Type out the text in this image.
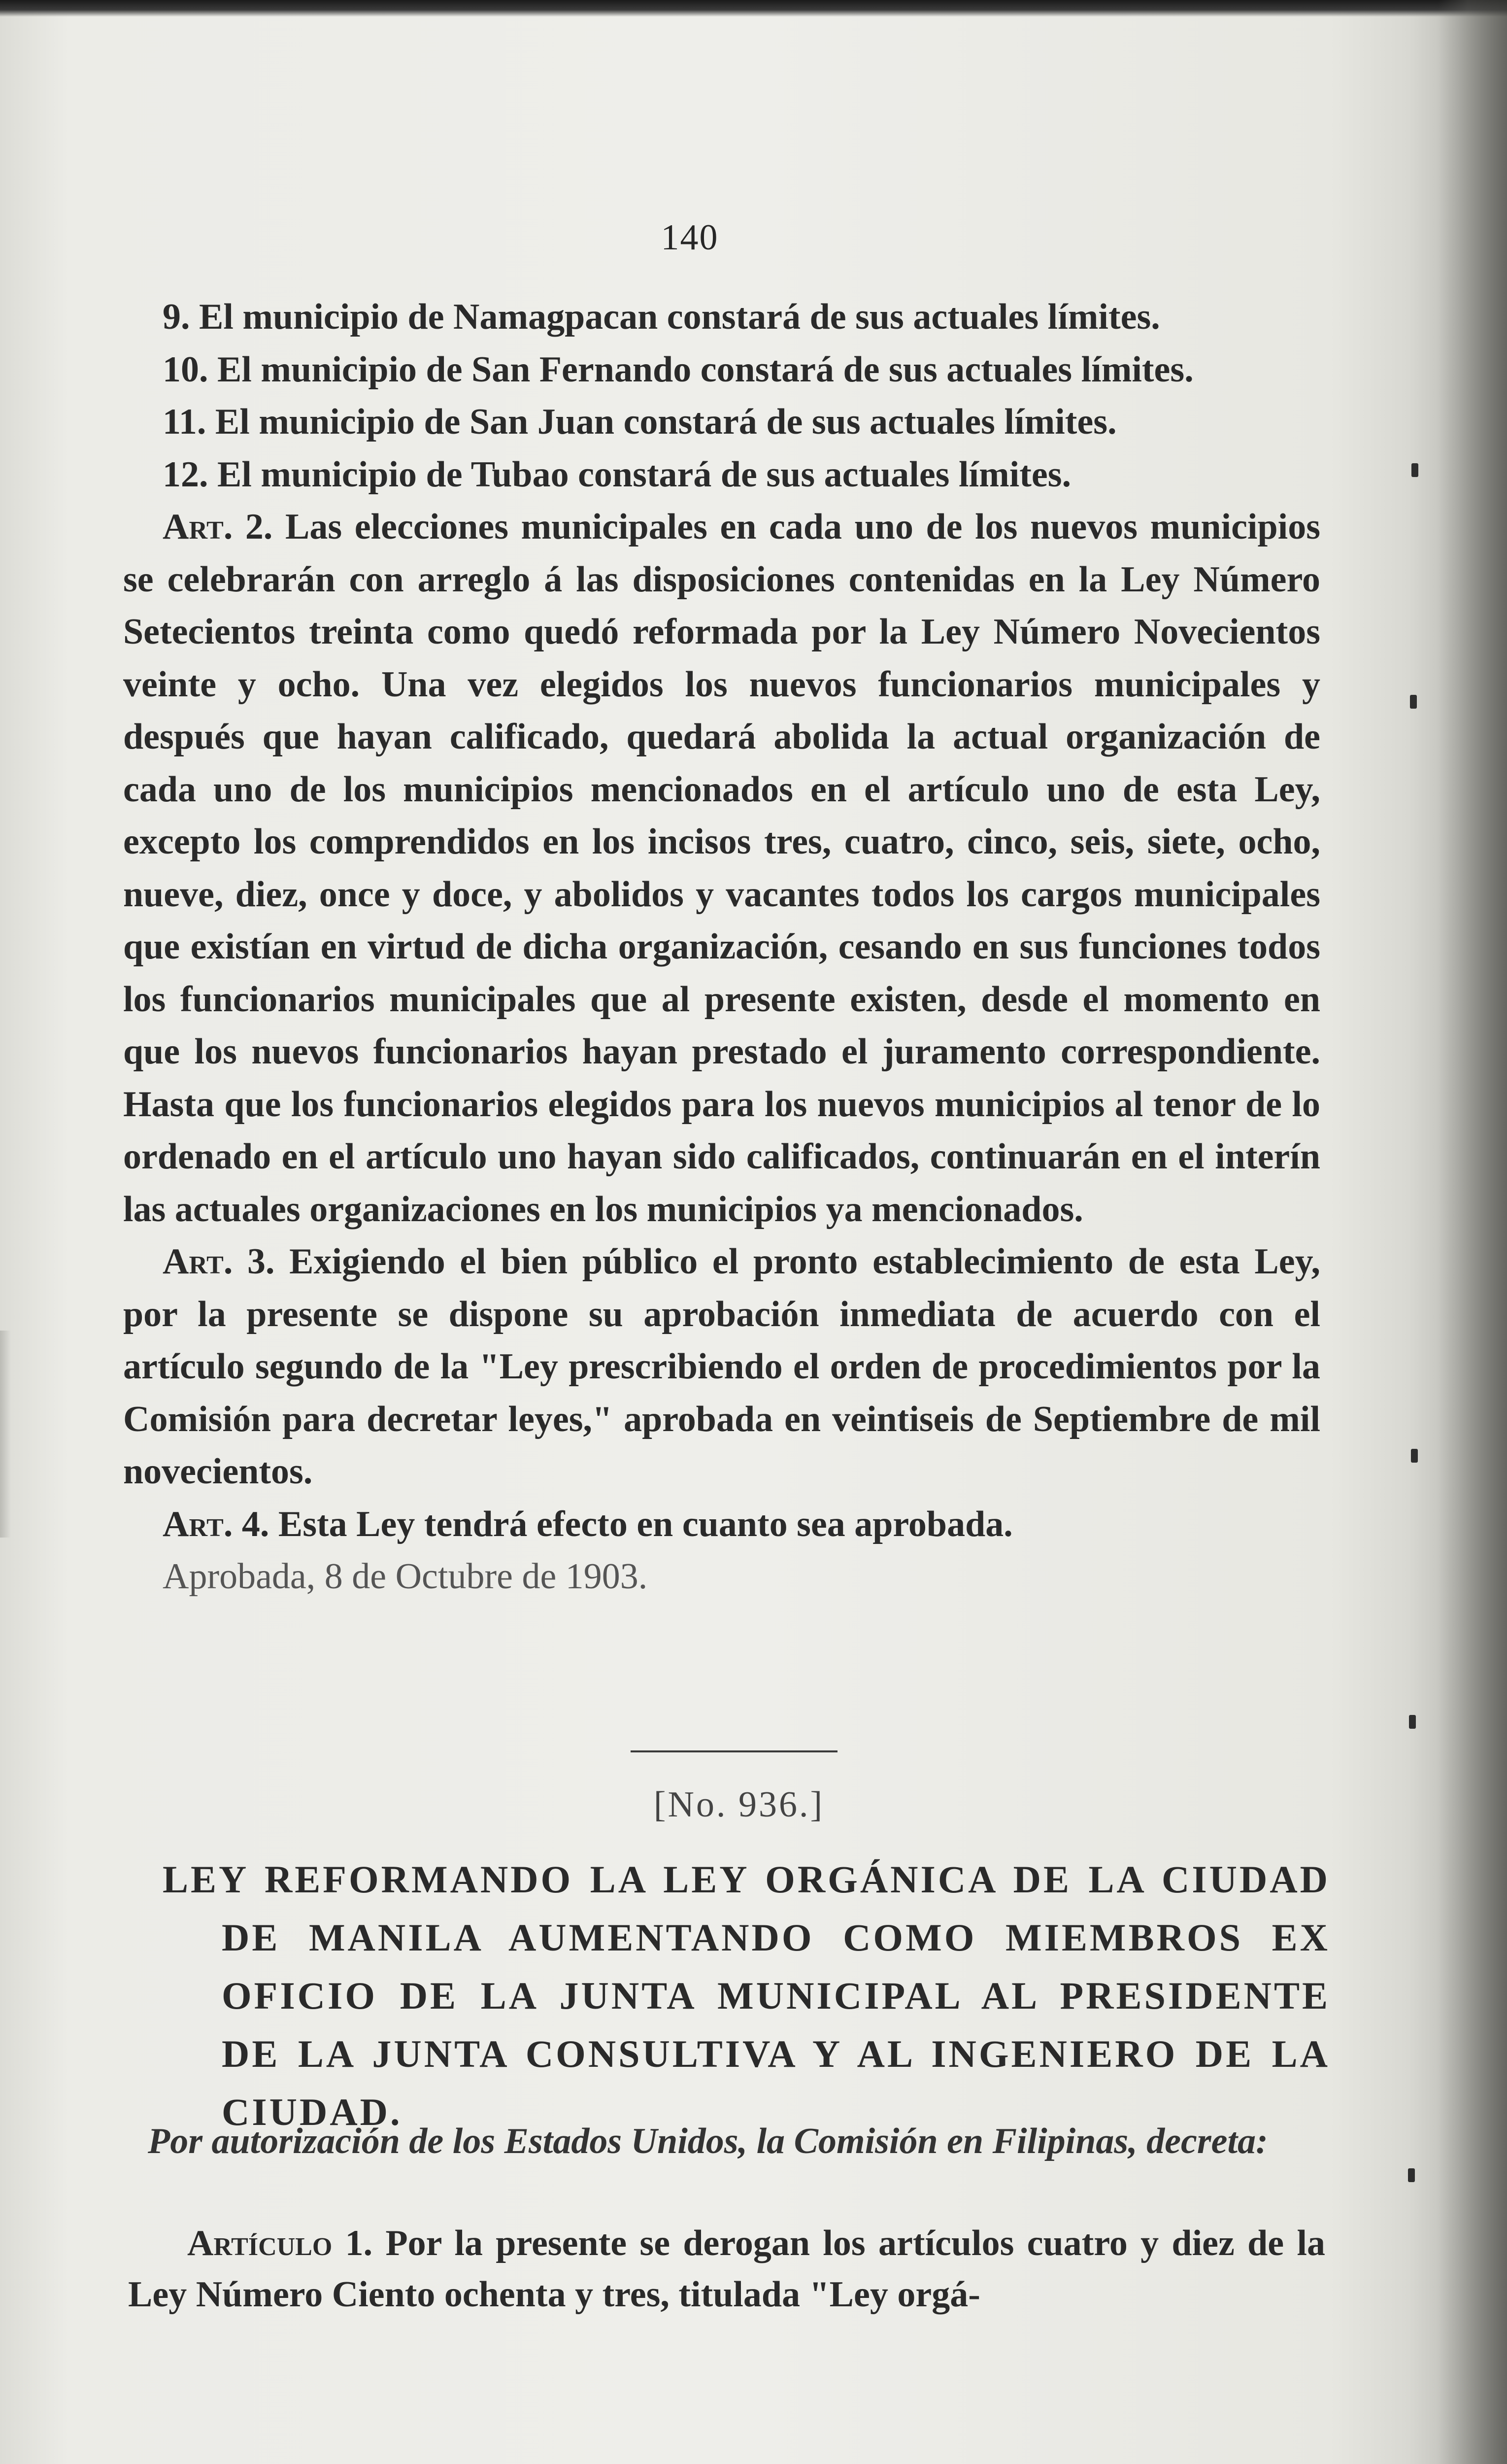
140

9. El municipio de Namagpacan constará de sus actuales límites.

10. El municipio de San Fernando constará de sus actuales límites.

11. El municipio de San Juan constará de sus actuales límites.

12. El municipio de Tubao constará de sus actuales límites.

Art. 2. Las elecciones municipales en cada uno de los nuevos municipios se celebrarán con arreglo á las disposiciones contenidas en la Ley Número Setecientos treinta como quedó reformada por la Ley Número Novecientos veinte y ocho. Una vez elegidos los nuevos funcionarios municipales y después que hayan calificado, quedará abolida la actual organización de cada uno de los municipios mencionados en el artículo uno de esta Ley, excepto los comprendidos en los incisos tres, cuatro, cinco, seis, siete, ocho, nueve, diez, once y doce, y abolidos y vacantes todos los cargos municipales que existían en virtud de dicha organización, cesando en sus funciones todos los funcionarios municipales que al presente existen, desde el momento en que los nuevos funcionarios hayan prestado el juramento correspondiente. Hasta que los funcionarios elegidos para los nuevos municipios al tenor de lo ordenado en el artículo uno hayan sido calificados, continuarán en el interín las actuales organizaciones en los municipios ya mencionados.

Art. 3. Exigiendo el bien público el pronto establecimiento de esta Ley, por la presente se dispone su aprobación inmediata de acuerdo con el artículo segundo de la "Ley prescribiendo el orden de procedimientos por la Comisión para decretar leyes," aprobada en veintiseis de Septiembre de mil novecientos.

Art. 4. Esta Ley tendrá efecto en cuanto sea aprobada.

Aprobada, 8 de Octubre de 1903.

[No. 936.]
LEY REFORMANDO LA LEY ORGÁNICA DE LA CIUDAD DE MANILA AUMENTANDO COMO MIEMBROS EX OFICIO DE LA JUNTA MUNICIPAL AL PRESIDENTE DE LA JUNTA CONSULTIVA Y AL INGENIERO DE LA CIUDAD.
Por autorización de los Estados Unidos, la Comisión en Filipinas, decreta:
Artículo 1. Por la presente se derogan los artículos cuatro y diez de la Ley Número Ciento ochenta y tres, titulada "Ley orgá-
